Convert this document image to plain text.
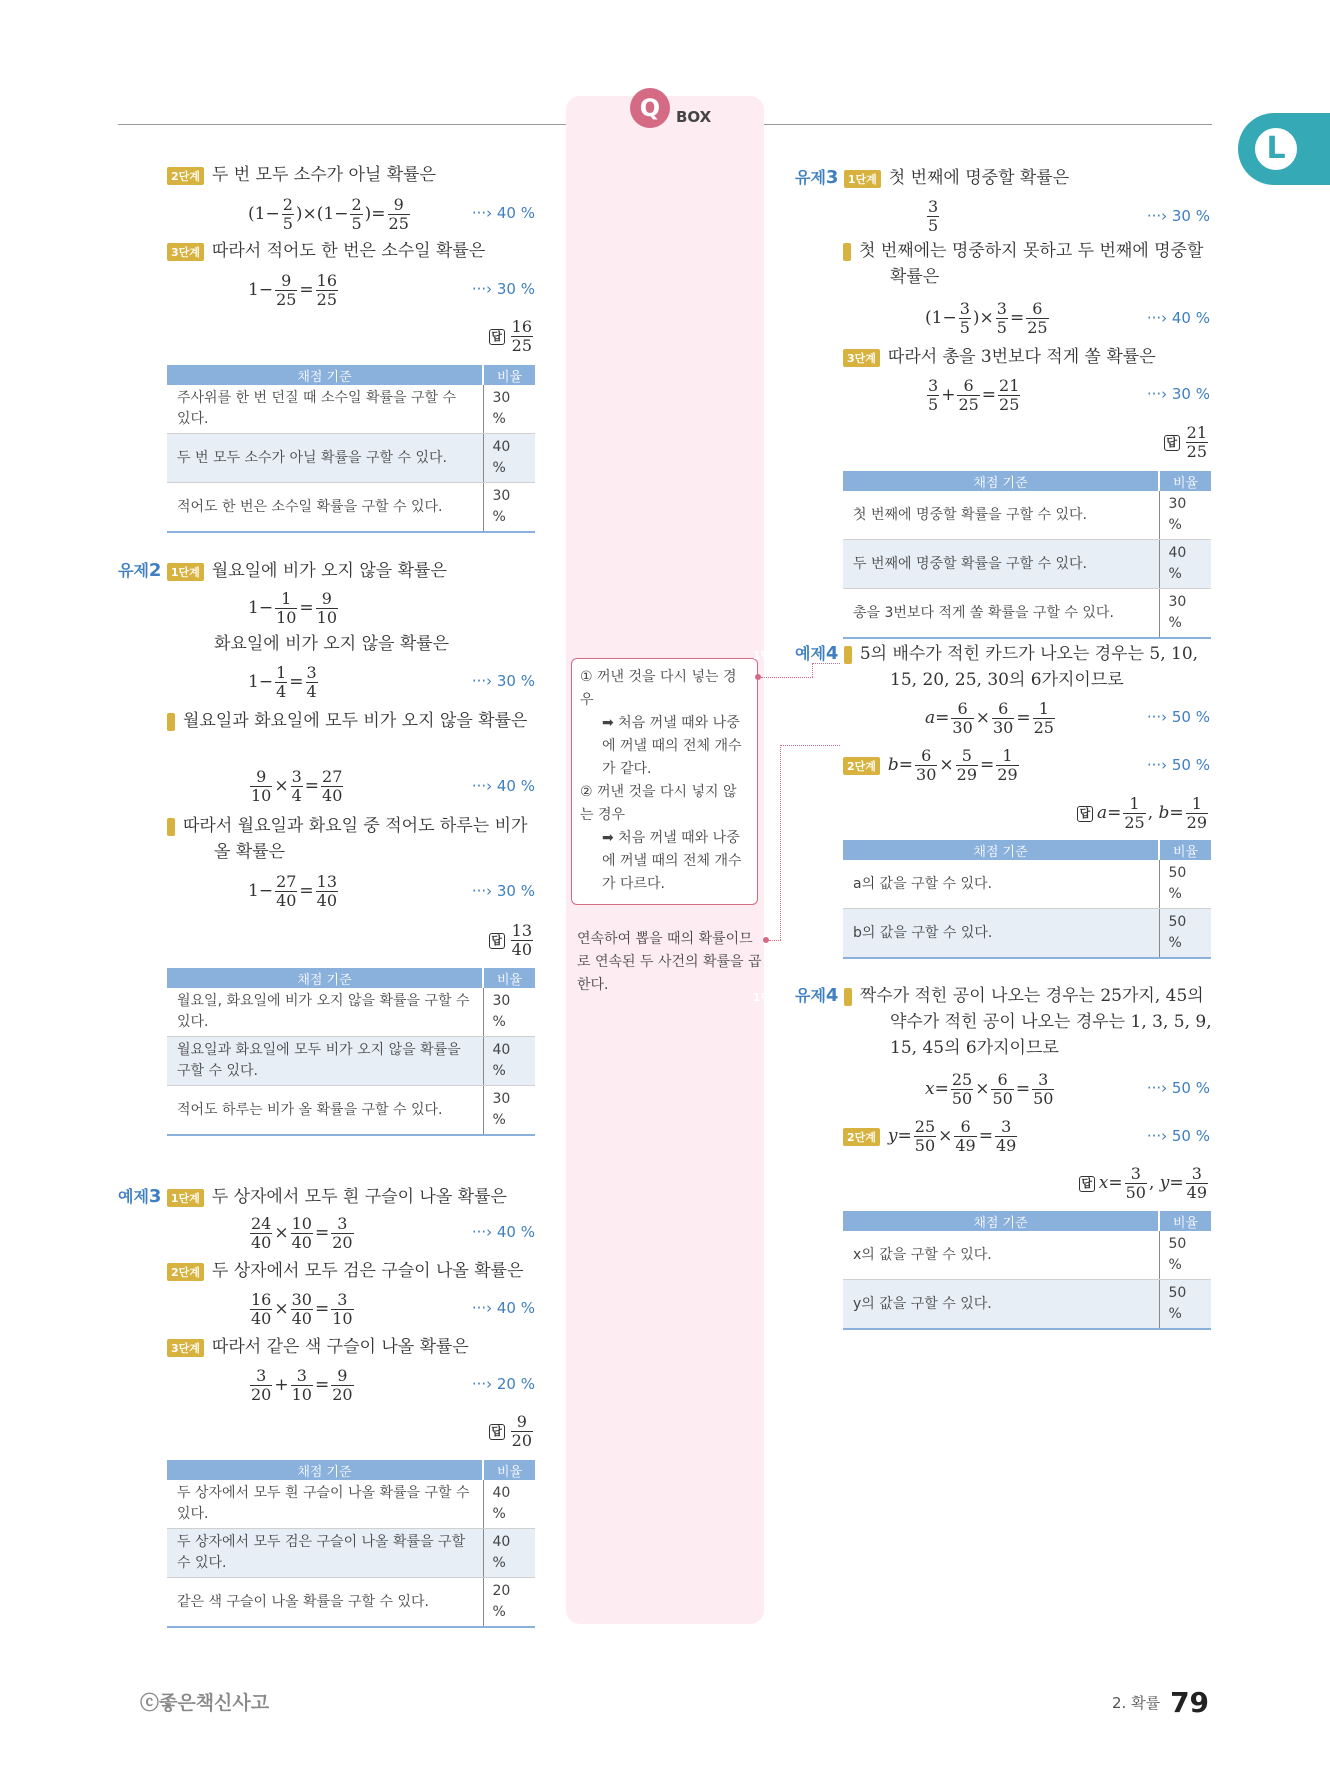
Q	BOX
L
2단계 두 번 모두 소수가 아닐 확률은
$(1- \frac{2}{5} )\times(1- \frac{2}{5}$ )= $\frac{9}{25}$	···› 40 %
3단계 따라서 적어도 한 번은 소수일 확률은
$1- \frac{9}{25} = \frac{16}{25}$	···› 30 %
답 $\frac{16}{25}$
채점 기준	비율
주사위를 한 번 던질 때 소수일 확률을 구할 수 있다.	30 %
두 번 모두 소수가 아닐 확률을 구할 수 있다.	40 %
적어도 한 번은 소수일 확률을 구할 수 있다.	30 %
유제2 1단계 월요일에 비가 오지 않을 확률은
$1- \frac{1}{10} = \frac{9}{10}$
화요일에 비가 오지 않을 확률은
$1- \frac{1}{4} = \frac{3}{4}$	···› 30 %
2단계 월요일과 화요일에 모두 비가 오지 않을 확률은
$\frac{9}{10} \times \frac{3}{4} = \frac{27}{40}$	···› 40 %
3단계 따라서 월요일과 화요일 중 적어도 하루는 비가 올 확률은
$1- \frac{27}{40} = \frac{13}{40}$	···› 30 %
답 $\frac{13}{40}$
채점 기준	비율
월요일, 화요일에 비가 오지 않을 확률을 구할 수 있다.	30 %
월요일과 화요일에 모두 비가 오지 않을 확률을 구할 수 있다.	40 %
적어도 하루는 비가 올 확률을 구할 수 있다.	30 %
예제3 1단계 두 상자에서 모두 흰 구슬이 나올 확률은
$\frac{24}{40} \times \frac{10}{40} = \frac{3}{20}$	···› 40 %
2단계 두 상자에서 모두 검은 구슬이 나올 확률은
$\frac{16}{40} \times \frac{30}{40} = \frac{3}{10}$	···› 40 %
3단계 따라서 같은 색 구슬이 나올 확률은
$\frac{3}{20} + \frac{3}{10} = \frac{9}{20}$	···› 20 %
답 $\frac{9}{20}$
채점 기준	비율
두 상자에서 모두 흰 구슬이 나올 확률을 구할 수 있다.	40 %
두 상자에서 모두 검은 구슬이 나올 확률을 구할 수 있다.	40 %
같은 색 구슬이 나올 확률을 구할 수 있다.	20 %
① 꺼낸 것을 다시 넣는 경우
➡ 처음 꺼낼 때와 나중에 꺼낼 때의 전체 개수가 같다.
② 꺼낸 것을 다시 넣지 않는 경우
➡ 처음 꺼낼 때와 나중에 꺼낼 때의 전체 개수가 다르다.
연속하여 뽑을 때의 확률이므로 연속된 두 사건의 확률을 곱한다.
유제3 1단계 첫 번째에 명중할 확률은
$\frac{3}{5}$	···› 30 %
2단계 첫 번째에는 명중하지 못하고 두 번째에 명중할 확률은
($1- \frac{3}{5}$ )× $\frac{3}{5} = \frac{6}{25}$	···› 40 %
3단계 따라서 총을 3번보다 적게 쏠 확률은
$\frac{3}{5} + \frac{6}{25} = \frac{21}{25}$	···› 30 %
답 $\frac{21}{25}$
채점 기준	비율
첫 번째에 명중할 확률을 구할 수 있다.	30 %
두 번째에 명중할 확률을 구할 수 있다.	40 %
총을 3번보다 적게 쏠 확률을 구할 수 있다.	30 %
예제4 1단계	5의 배수가 적힌 카드가 나오는 경우는 5, 10, 15, 20, 25, 30의 6가지이므로
$a= \frac{6}{30} \times \frac{6}{30} = \frac{1}{25}$	···› 50 %
2단계 $b= \frac{6}{30} \times \frac{5}{29} = \frac{1}{29}$	···› 50 %
답 $a= \frac{1}{25}$ , $b= \frac{1}{29}$
채점 기준	비율
a의 값을 구할 수 있다.	50 %
b의 값을 구할 수 있다.	50 %
유제4 1단계	짝수가 적힌 공이 나오는 경우는 25가지, 45의 약수가 적힌 공이 나오는 경우는 1, 3, 5, 9, 15, 45의 6가지이므로
$x= \frac{25}{50} \times \frac{6}{50} = \frac{3}{50}$	···› 50 %
2단계 $y= \frac{25}{50} \times \frac{6}{49} = \frac{3}{49}$	···› 50 %
답 $x= \frac{3}{50}$ , $y= \frac{3}{49}$
채점 기준	비율
x의 값을 구할 수 있다.	50 %
y의 값을 구할 수 있다.	50 %
ⓒ좋은책신사고	2. 확률 79
